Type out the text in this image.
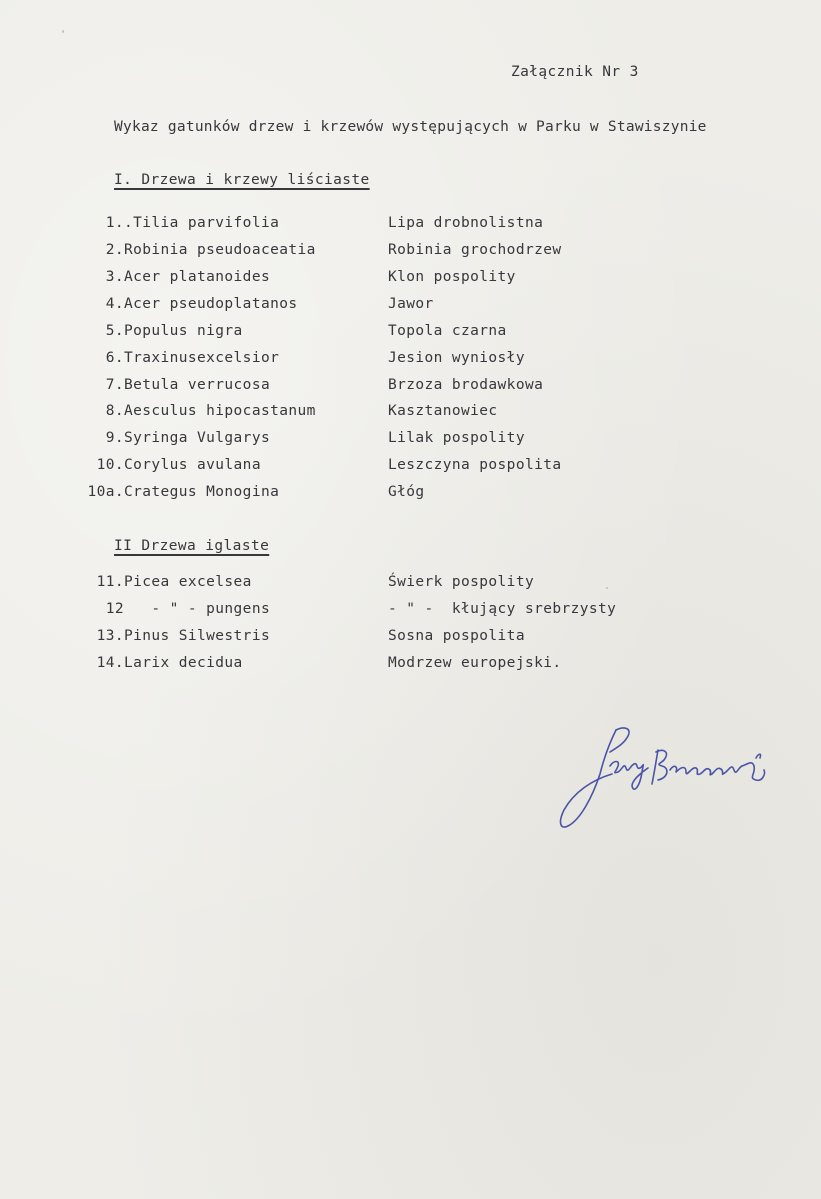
Załącznik Nr 3
Wykaz gatunków drzew i krzewów występujących w Parku w Stawiszynie
I. Drzewa i krzewy liściaste
1. .Tilia parvifolia	Lipa drobnolistna
2. Robinia pseudoaceatia	Robinia grochodrzew
3. Acer platanoides	Klon pospolity
4. Acer pseudoplatanos	Jawor
5. Populus nigra	Topola czarna
6. Traxinusexcelsior	Jesion wyniosły
7. Betula verrucosa	Brzoza brodawkowa
8. Aesculus hipocastanum	Kasztanowiec
9. Syringa Vulgarys	Lilak pospolity
10. Corylus avulana	Leszczyna pospolita
10a. Crategus Monogina	Głóg
II Drzewa iglaste
11. Picea excelsea	Świerk pospolity
12 - " - pungens	- " -  kłujący srebrzysty
13. Pinus Silwestris	Sosna pospolita
14. Larix decidua	Modrzew europejski.
